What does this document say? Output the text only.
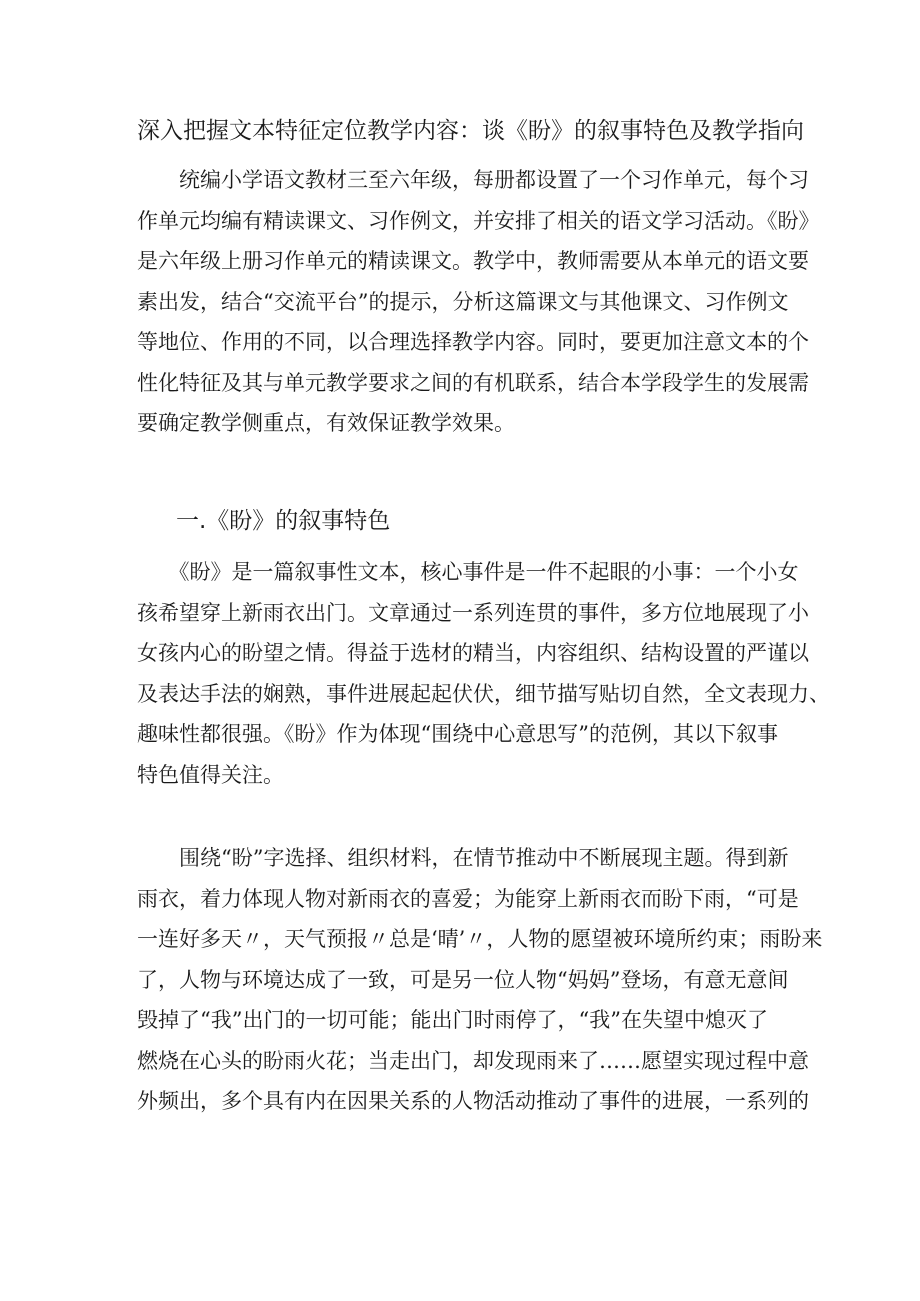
深入把握文本特征定位教学内容：谈《盼》的叙事特色及教学指向
　　统编小学语文教材三至六年级，每册都设置了一个习作单元，每个习
作单元均编有精读课文、习作例文，并安排了相关的语文学习活动。《盼》
是六年级上册习作单元的精读课文。教学中，教师需要从本单元的语文要
素出发，结合“交流平台”的提示，分析这篇课文与其他课文、习作例文
等地位、作用的不同，以合理选择教学内容。同时，要更加注意文本的个
性化特征及其与单元教学要求之间的有机联系，结合本学段学生的发展需
要确定教学侧重点，有效保证教学效果。
一.《盼》的叙事特色
　　《盼》是一篇叙事性文本，核心事件是一件不起眼的小事：一个小女
孩希望穿上新雨衣出门。文章通过一系列连贯的事件，多方位地展现了小
女孩内心的盼望之情。得益于选材的精当，内容组织、结构设置的严谨以
及表达手法的娴熟，事件进展起起伏伏，细节描写贴切自然，全文表现力、
趣味性都很强。《盼》作为体现“围绕中心意思写”的范例，其以下叙事
特色值得关注。
　　围绕“盼”字选择、组织材料，在情节推动中不断展现主题。得到新
雨衣，着力体现人物对新雨衣的喜爱；为能穿上新雨衣而盼下雨，“可是
一连好多天〃，天气预报〃总是‘晴’〃，人物的愿望被环境所约束；雨盼来
了，人物与环境达成了一致，可是另一位人物“妈妈”登场，有意无意间
毁掉了“我”出门的一切可能；能出门时雨停了，“我”在失望中熄灭了
燃烧在心头的盼雨火花；当走出门，却发现雨来了……愿望实现过程中意
外频出，多个具有内在因果关系的人物活动推动了事件的进展，一系列的
